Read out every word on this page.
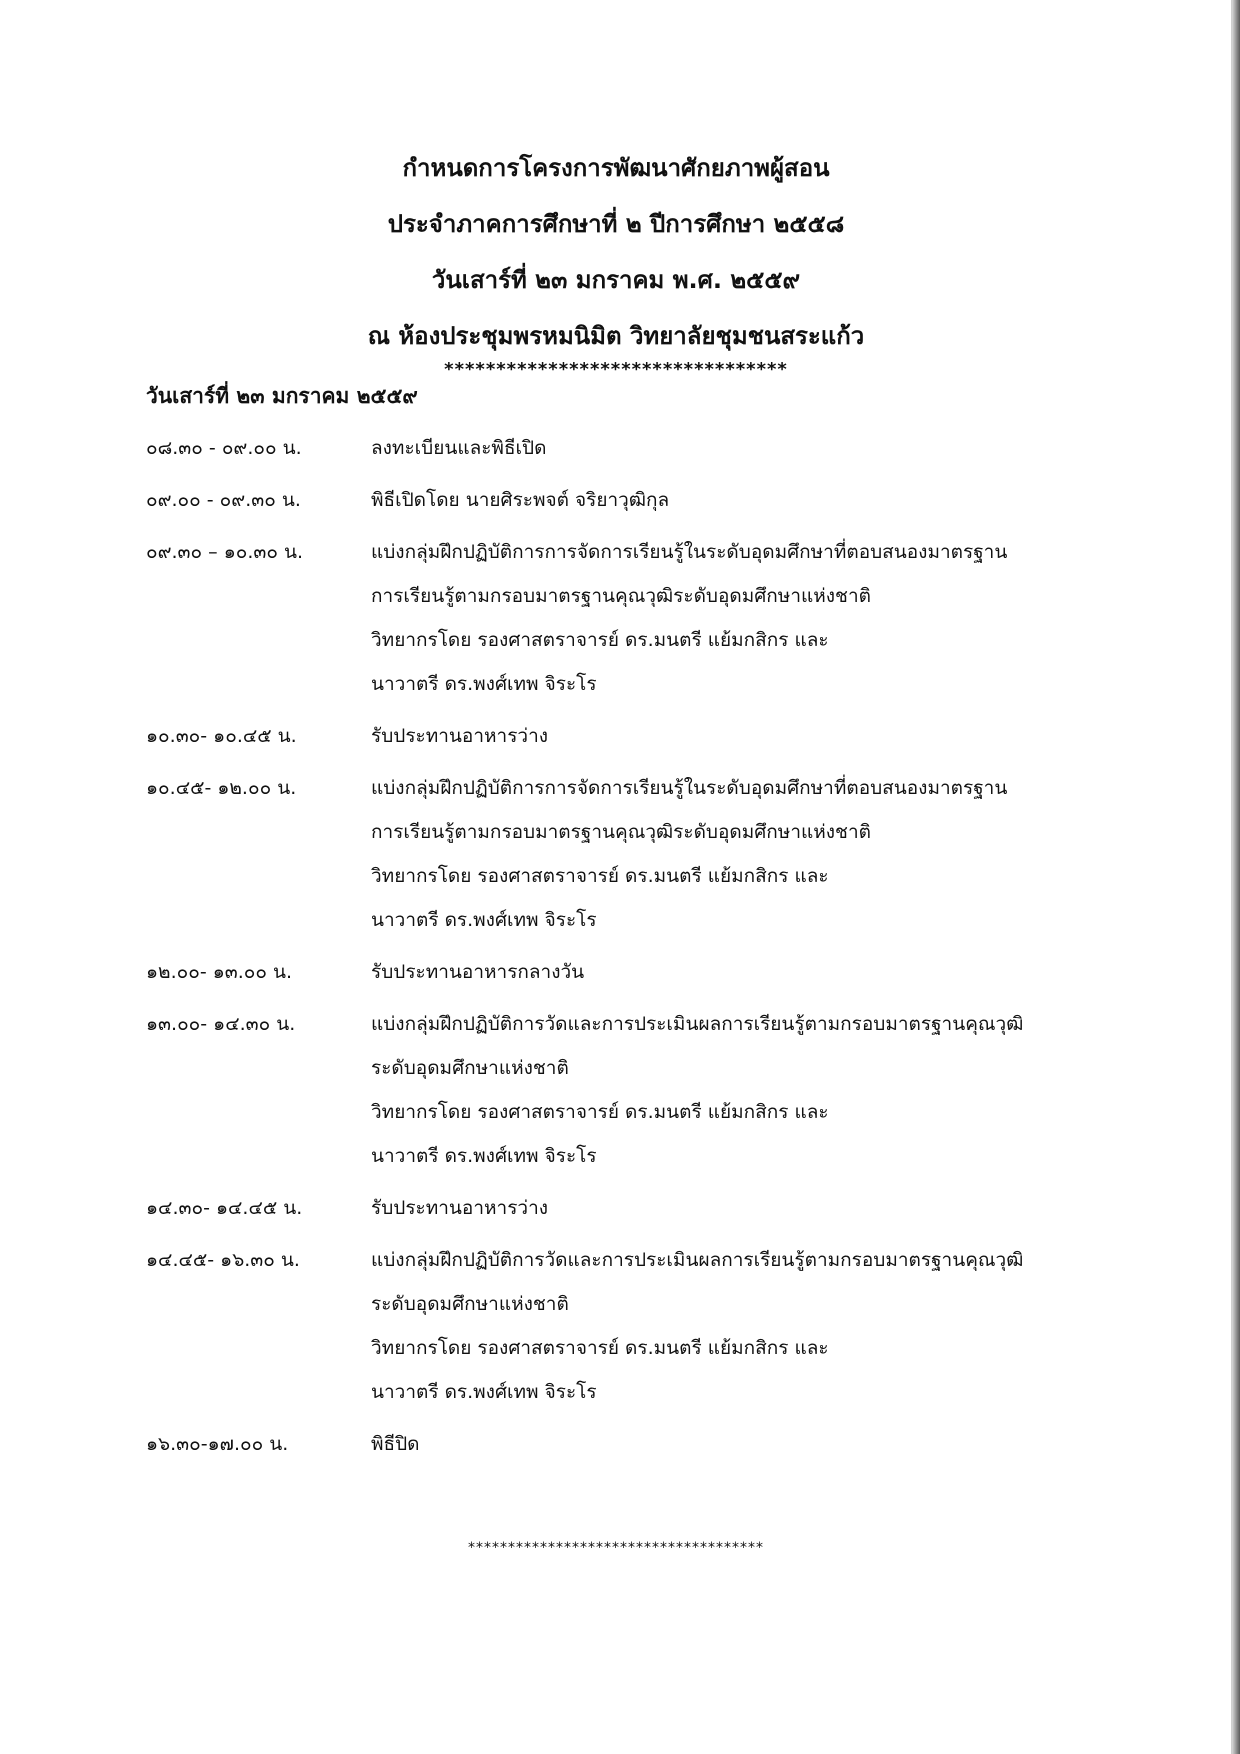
กำหนดการโครงการพัฒนาศักยภาพผู้สอน
ประจำภาคการศึกษาที่ ๒ ปีการศึกษา ๒๕๕๘
วันเสาร์ที่ ๒๓ มกราคม พ.ศ. ๒๕๕๙
ณ ห้องประชุมพรหมนิมิต วิทยาลัยชุมชนสระแก้ว
*********************************
วันเสาร์ที่ ๒๓ มกราคม ๒๕๕๙
๐๘.๓๐ - ๐๙.๐๐ น.	ลงทะเบียนและพิธีเปิด
๐๙.๐๐ - ๐๙.๓๐ น.	พิธีเปิดโดย นายศิระพจต์ จริยาวุฒิกุล
๐๙.๓๐ – ๑๐.๓๐ น.	แบ่งกลุ่มฝึกปฏิบัติการการจัดการเรียนรู้ในระดับอุดมศึกษาที่ตอบสนองมาตรฐาน
การเรียนรู้ตามกรอบมาตรฐานคุณวุฒิระดับอุดมศึกษาแห่งชาติ
วิทยากรโดย รองศาสตราจารย์ ดร.มนตรี แย้มกสิกร และ
นาวาตรี ดร.พงศ์เทพ จิระโร
๑๐.๓๐- ๑๐.๔๕ น.	รับประทานอาหารว่าง
๑๐.๔๕- ๑๒.๐๐ น.	แบ่งกลุ่มฝึกปฏิบัติการการจัดการเรียนรู้ในระดับอุดมศึกษาที่ตอบสนองมาตรฐาน
การเรียนรู้ตามกรอบมาตรฐานคุณวุฒิระดับอุดมศึกษาแห่งชาติ
วิทยากรโดย รองศาสตราจารย์ ดร.มนตรี แย้มกสิกร และ
นาวาตรี ดร.พงศ์เทพ จิระโร
๑๒.๐๐- ๑๓.๐๐ น.	รับประทานอาหารกลางวัน
๑๓.๐๐- ๑๔.๓๐ น.	แบ่งกลุ่มฝึกปฏิบัติการวัดและการประเมินผลการเรียนรู้ตามกรอบมาตรฐานคุณวุฒิ
ระดับอุดมศึกษาแห่งชาติ
วิทยากรโดย รองศาสตราจารย์ ดร.มนตรี แย้มกสิกร และ
นาวาตรี ดร.พงศ์เทพ จิระโร
๑๔.๓๐- ๑๔.๔๕ น.	รับประทานอาหารว่าง
๑๔.๔๕- ๑๖.๓๐ น.	แบ่งกลุ่มฝึกปฏิบัติการวัดและการประเมินผลการเรียนรู้ตามกรอบมาตรฐานคุณวุฒิ
ระดับอุดมศึกษาแห่งชาติ
วิทยากรโดย รองศาสตราจารย์ ดร.มนตรี แย้มกสิกร และ
นาวาตรี ดร.พงศ์เทพ จิระโร
๑๖.๓๐-๑๗.๐๐ น.	พิธีปิด
*************************************
